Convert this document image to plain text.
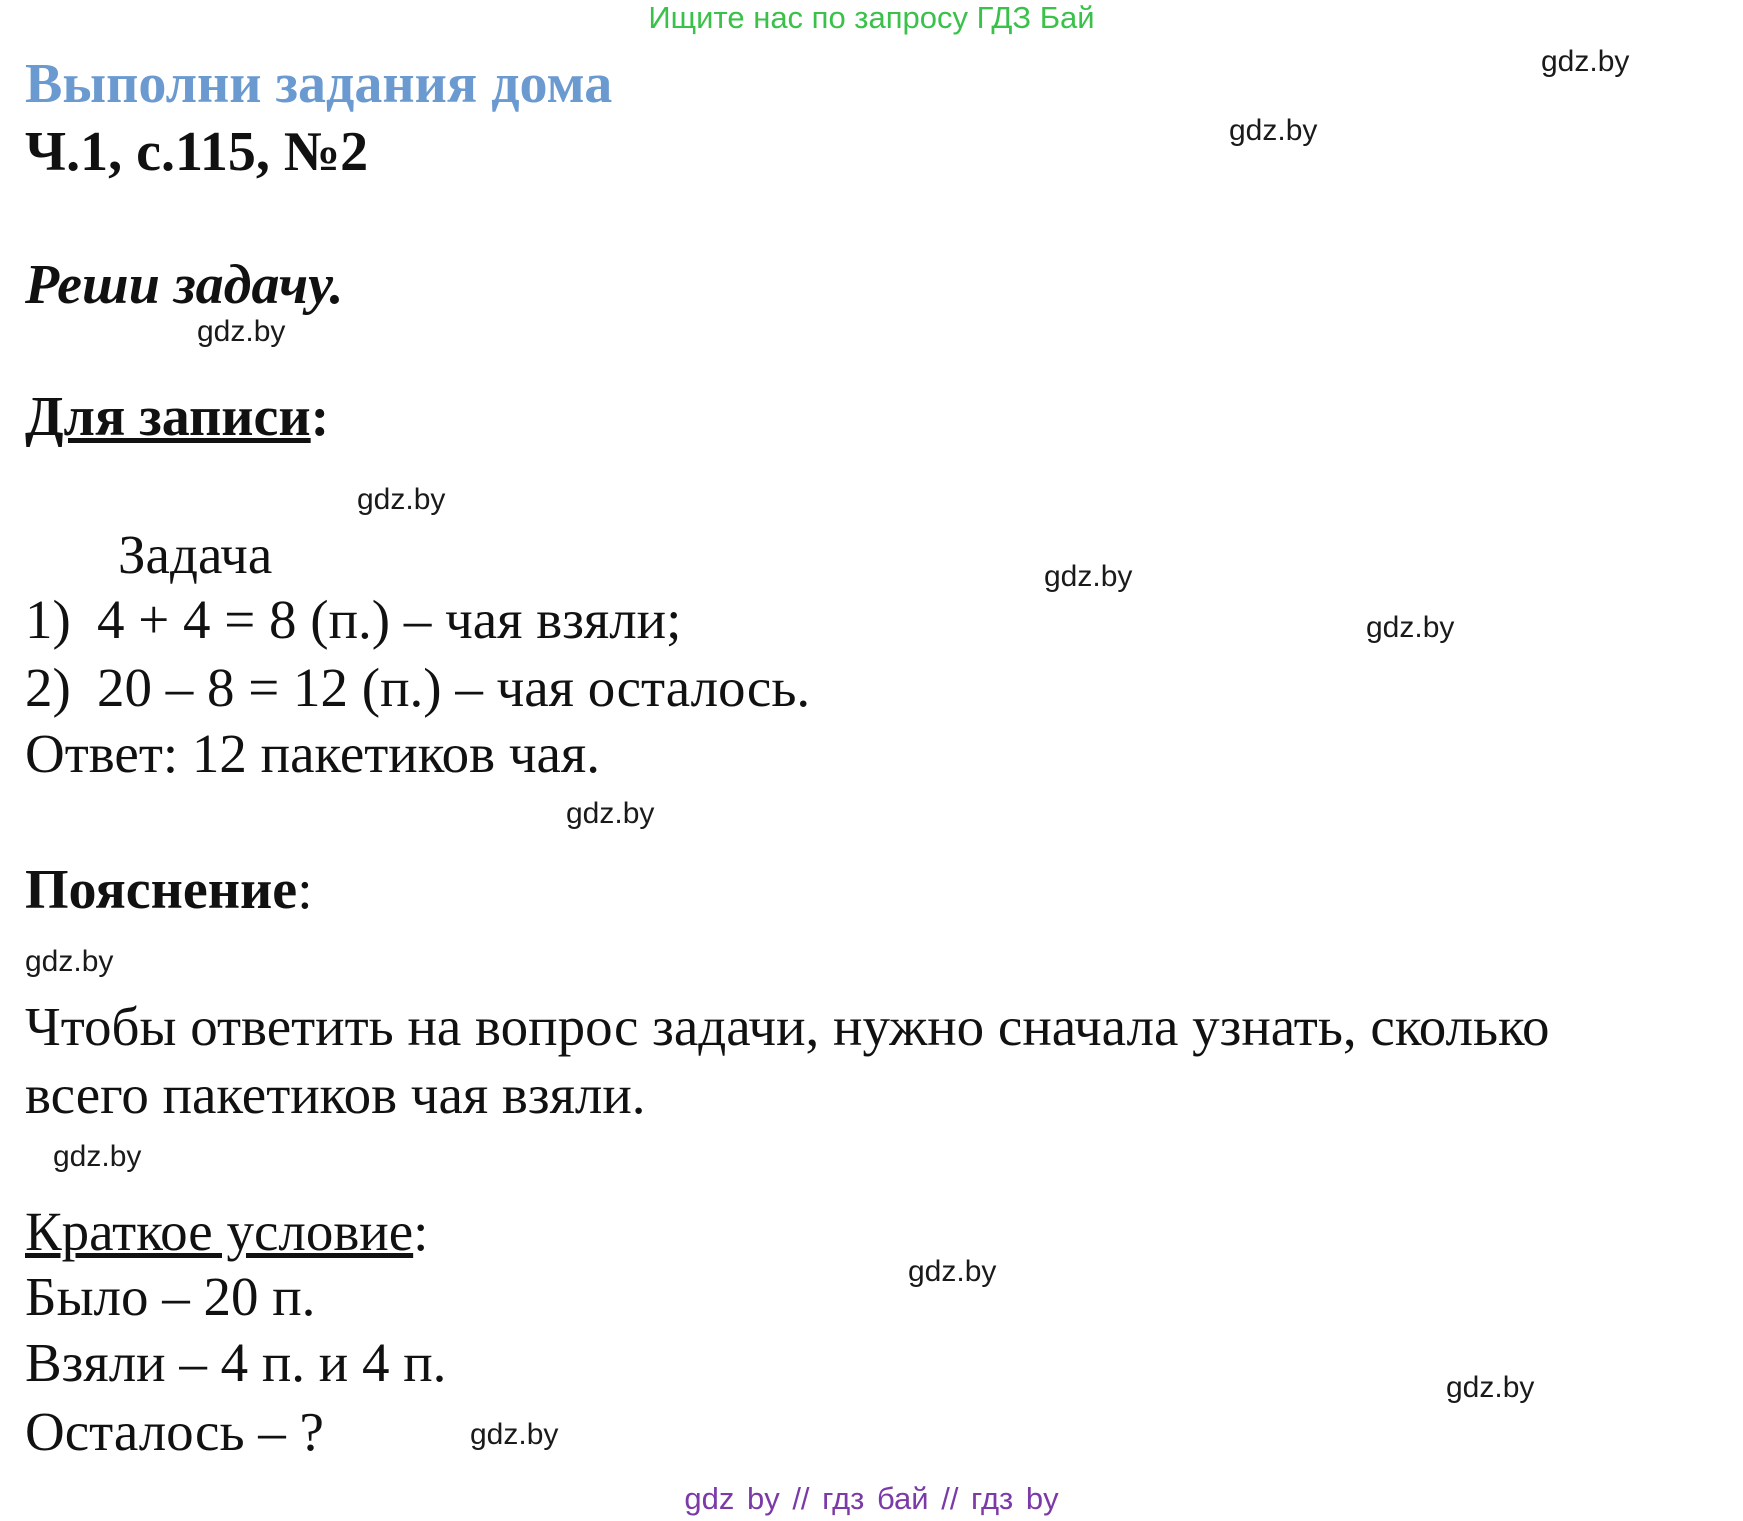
Ищите нас по запросу ГДЗ Бай
Выполни задания дома
Ч.1, с.115, №2
Реши задачу.
Для записи:
Задача
1) 4 + 4 = 8 (п.) – чая взяли;
2) 20 – 8 = 12 (п.) – чая осталось.
Ответ: 12 пакетиков чая.
Пояснение:
Чтобы ответить на вопрос задачи, нужно сначала узнать, сколько
всего пакетиков чая взяли.
Краткое условие:
Было – 20 п.
Взяли – 4 п. и 4 п.
Осталось – ?
gdz.by
gdz.by
gdz.by
gdz.by
gdz.by
gdz.by
gdz.by
gdz.by
gdz.by
gdz.by
gdz.by
gdz.by
gdz by // гдз бай // гдз by
